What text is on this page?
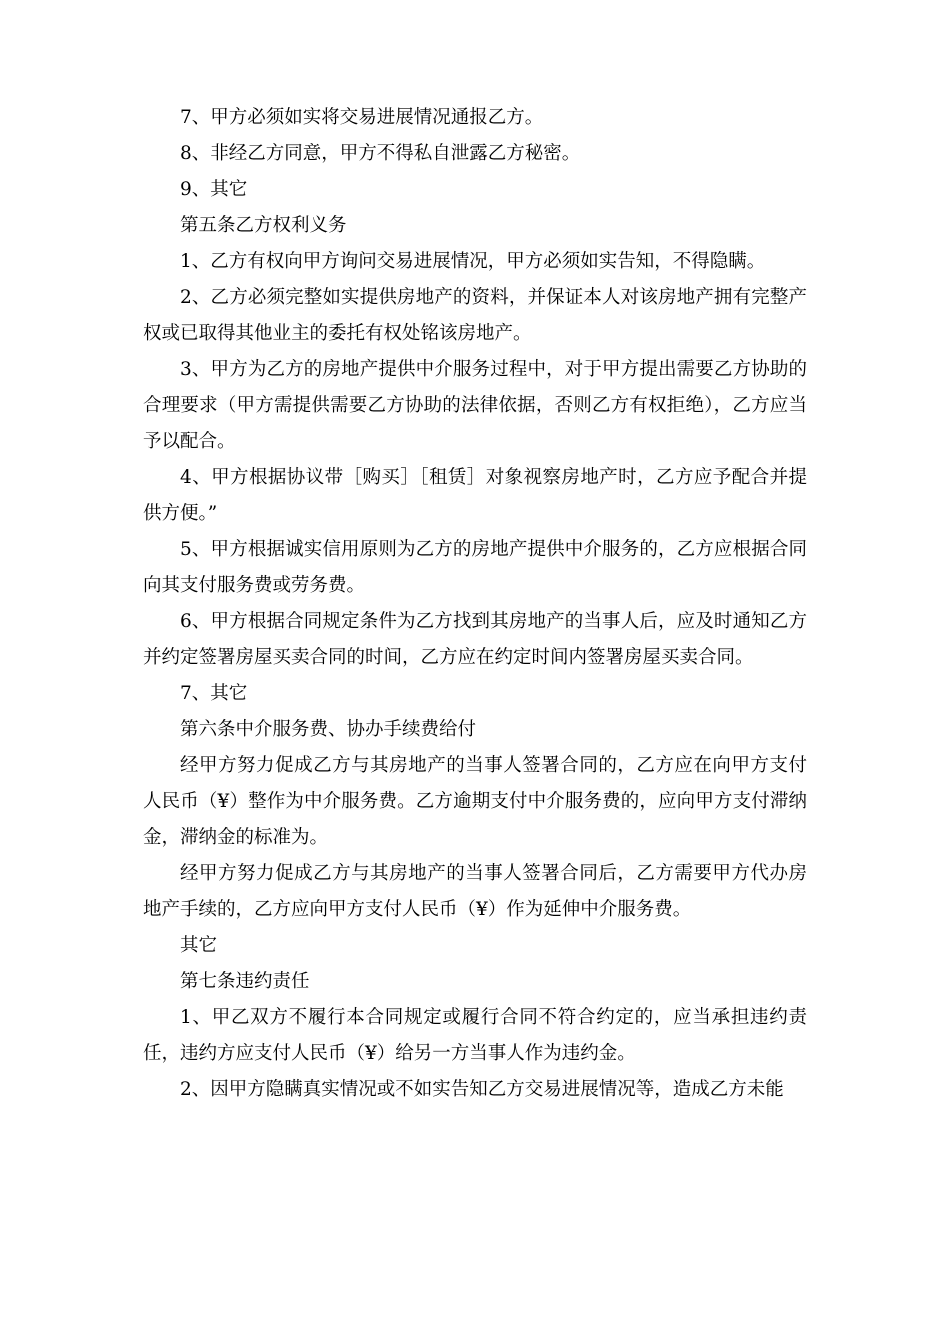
7、甲方必须如实将交易进展情况通报乙方。

8、非经乙方同意，甲方不得私自泄露乙方秘密。

9、其它

第五条乙方权利义务

1、乙方有权向甲方询问交易进展情况，甲方必须如实告知，不得隐瞒。

2、乙方必须完整如实提供房地产的资料，并保证本人对该房地产拥有完整产权或已取得其他业主的委托有权处铭该房地产。

3、甲方为乙方的房地产提供中介服务过程中，对于甲方提出需要乙方协助的合理要求（甲方需提供需要乙方协助的法律依据，否则乙方有权拒绝），乙方应当予以配合。

4、甲方根据协议带［购买］［租赁］对象视察房地产时，乙方应予配合并提供方便。”

5、甲方根据诚实信用原则为乙方的房地产提供中介服务的，乙方应根据合同向其支付服务费或劳务费。

6、甲方根据合同规定条件为乙方找到其房地产的当事人后，应及时通知乙方并约定签署房屋买卖合同的时间，乙方应在约定时间内签署房屋买卖合同。

7、其它

第六条中介服务费、协办手续费给付

经甲方努力促成乙方与其房地产的当事人签署合同的，乙方应在向甲方支付人民币（¥）整作为中介服务费。乙方逾期支付中介服务费的，应向甲方支付滞纳金，滞纳金的标准为。

经甲方努力促成乙方与其房地产的当事人签署合同后，乙方需要甲方代办房地产手续的，乙方应向甲方支付人民币（¥）作为延伸中介服务费。

其它

第七条违约责任

1、甲乙双方不履行本合同规定或履行合同不符合约定的，应当承担违约责任，违约方应支付人民币（¥）给另一方当事人作为违约金。

2、因甲方隐瞒真实情况或不如实告知乙方交易进展情况等，造成乙方未能
